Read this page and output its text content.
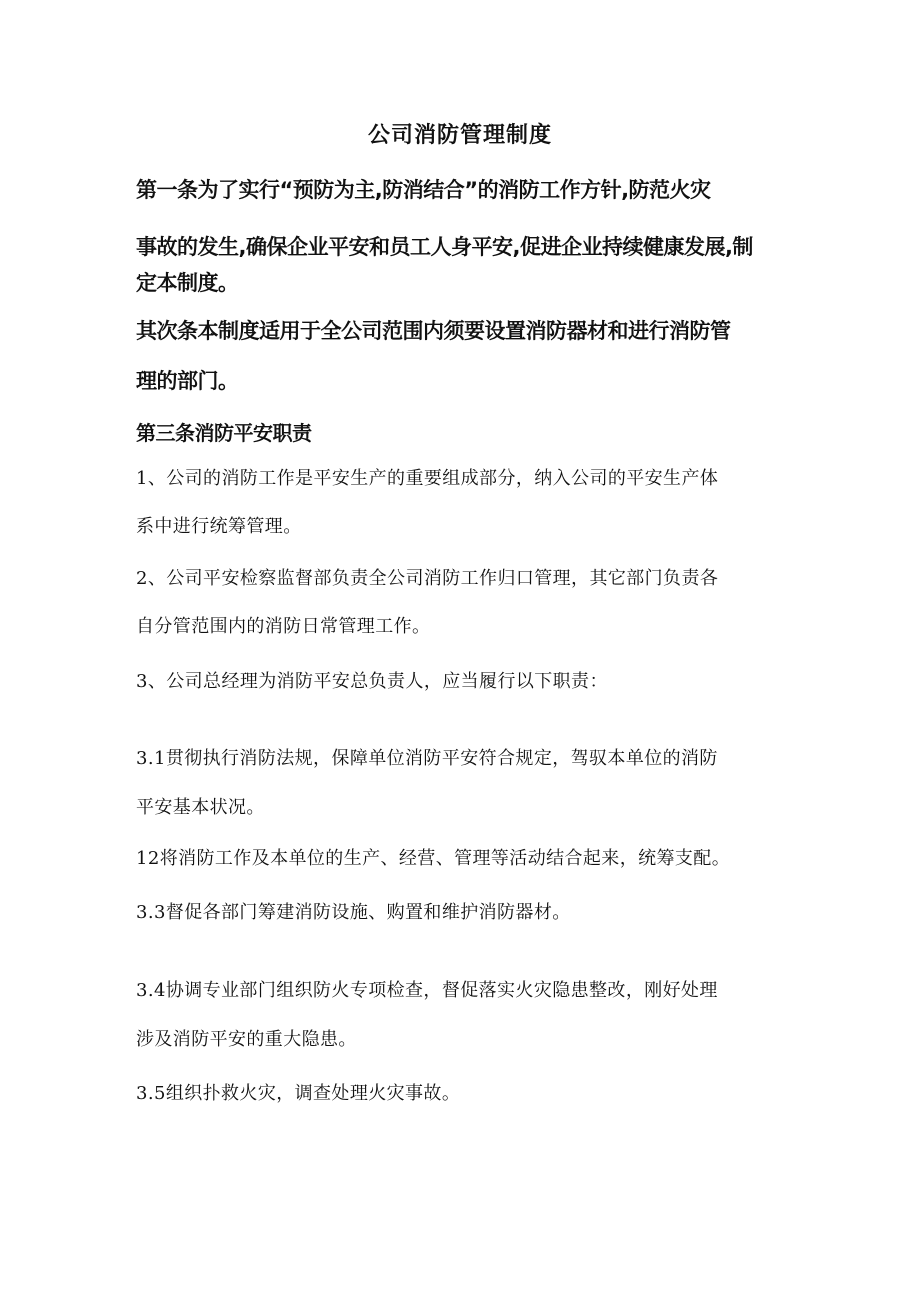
公司消防管理制度

第一条为了实行“预防为主,防消结合”的消防工作方针,防范火灾

事故的发生,确保企业平安和员工人身平安,促进企业持续健康发展,制

定本制度。

其次条本制度适用于全公司范围内须要设置消防器材和进行消防管

理的部门。

第三条消防平安职责

1、公司的消防工作是平安生产的重要组成部分，纳入公司的平安生产体

系中进行统筹管理。

2、公司平安检察监督部负责全公司消防工作归口管理，其它部门负责各

自分管范围内的消防日常管理工作。

3、公司总经理为消防平安总负责人，应当履行以下职责：

3.1贯彻执行消防法规，保障单位消防平安符合规定，驾驭本单位的消防

平安基本状况。

12将消防工作及本单位的生产、经营、管理等活动结合起来，统筹支配。

3.3督促各部门筹建消防设施、购置和维护消防器材。

3.4协调专业部门组织防火专项检查，督促落实火灾隐患整改，刚好处理

涉及消防平安的重大隐患。

3.5组织扑救火灾，调查处理火灾事故。
